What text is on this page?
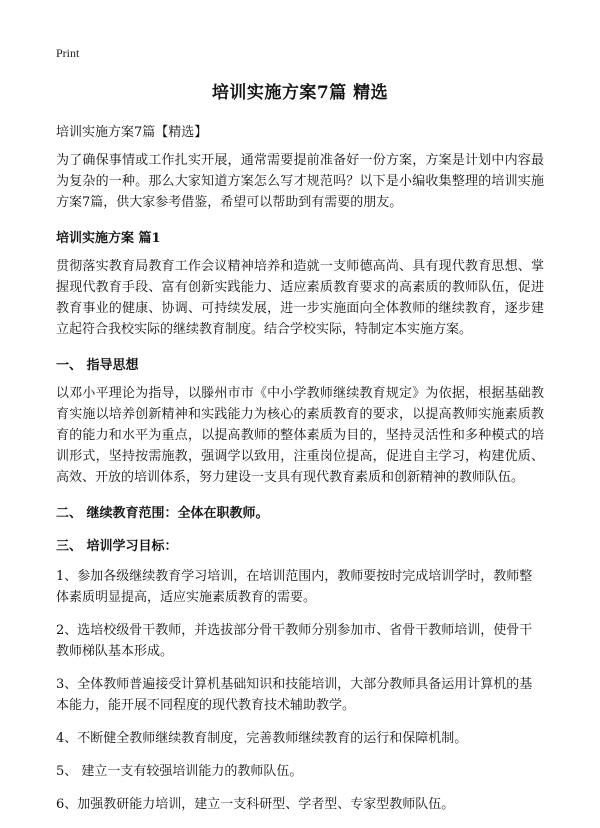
Print
培训实施方案7篇 精选
培训实施方案7篇【精选】
为了确保事情或工作扎实开展，通常需要提前准备好一份方案，方案是计划中内容最为复杂的一种。那么大家知道方案怎么写才规范吗？以下是小编收集整理的培训实施方案7篇，供大家参考借鉴，希望可以帮助到有需要的朋友。
培训实施方案 篇1
贯彻落实教育局教育工作会议精神培养和造就一支师德高尚、具有现代教育思想、掌握现代教育手段、富有创新实践能力、适应素质教育要求的高素质的教师队伍，促进教育事业的健康、协调、可持续发展，进一步实施面向全体教师的继续教育，逐步建立起符合我校实际的继续教育制度。结合学校实际，特制定本实施方案。
一、 指导思想
以邓小平理论为指导，以滕州市市《中小学教师继续教育规定》为依据，根据基础教育实施以培养创新精神和实践能力为核心的素质教育的要求，以提高教师实施素质教育的能力和水平为重点，以提高教师的整体素质为目的，坚持灵活性和多种模式的培训形式，坚持按需施教，强调学以致用，注重岗位提高，促进自主学习，构建优质、高效、开放的培训体系，努力建设一支具有现代教育素质和创新精神的教师队伍。
二、 继续教育范围：全体在职教师。
三、 培训学习目标：
1、参加各级继续教育学习培训，在培训范围内，教师要按时完成培训学时，教师整体素质明显提高，适应实施素质教育的需要。
2、选培校级骨干教师，并选拔部分骨干教师分别参加市、省骨干教师培训，使骨干教师梯队基本形成。
3、全体教师普遍接受计算机基础知识和技能培训，大部分教师具备运用计算机的基本能力，能开展不同程度的现代教育技术辅助教学。
4、不断健全教师继续教育制度，完善教师继续教育的运行和保障机制。
5、 建立一支有较强培训能力的教师队伍。
6、加强教研能力培训，建立一支科研型、学者型、专家型教师队伍。
